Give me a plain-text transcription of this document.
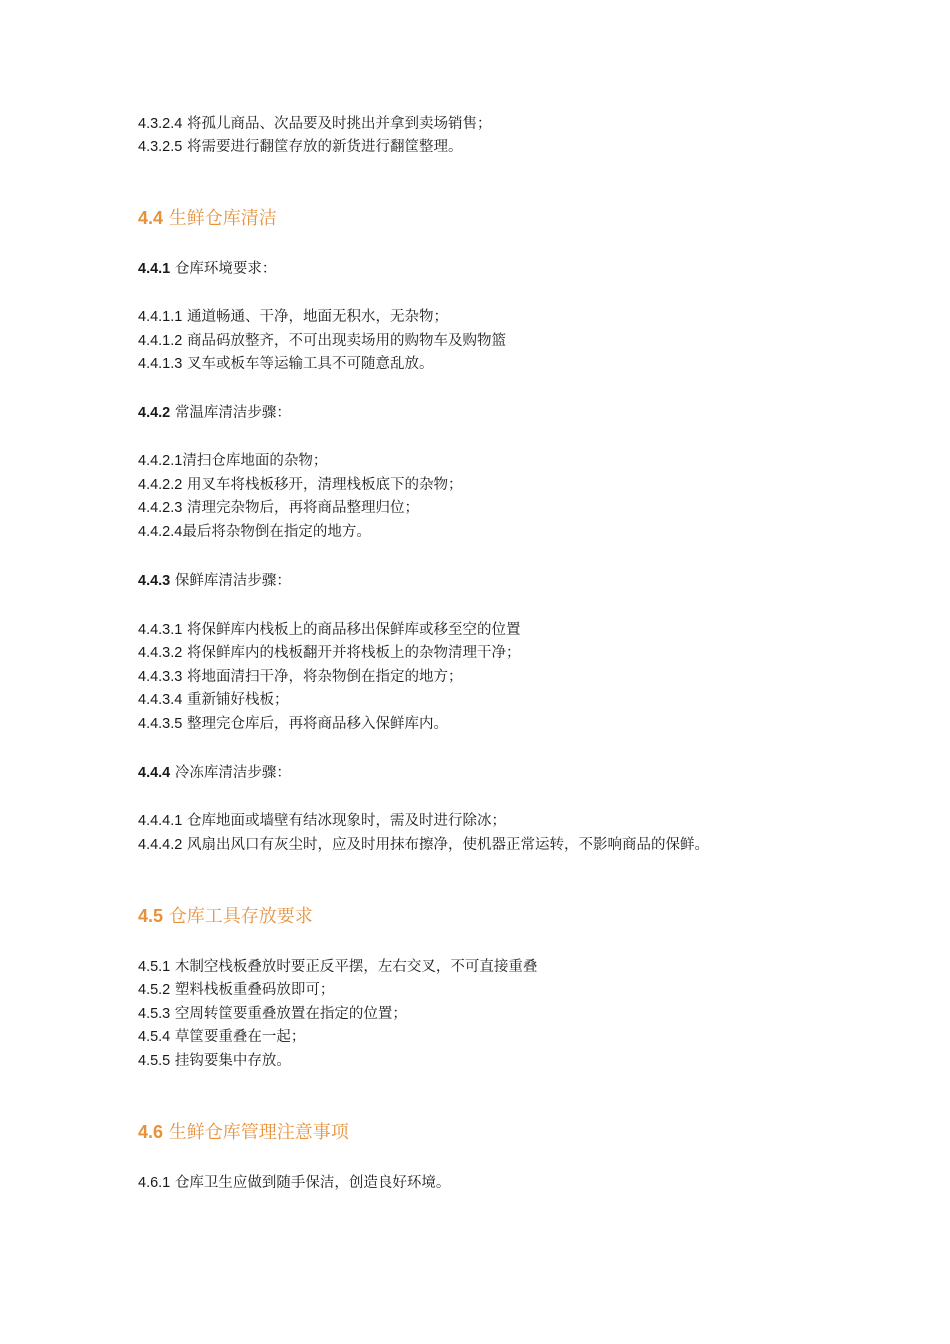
4.3.2.4 将孤儿商品、次品要及时挑出并拿到卖场销售；
4.3.2.5 将需要进行翻筐存放的新货进行翻筐整理。
4.4 生鲜仓库清洁
4.4.1 仓库环境要求：
4.4.1.1 通道畅通、干净，地面无积水，无杂物；
4.4.1.2 商品码放整齐，不可出现卖场用的购物车及购物篮
4.4.1.3 叉车或板车等运输工具不可随意乱放。
4.4.2 常温库清洁步骤：
4.4.2.1清扫仓库地面的杂物；
4.4.2.2 用叉车将栈板移开，清理栈板底下的杂物；
4.4.2.3 清理完杂物后，再将商品整理归位；
4.4.2.4最后将杂物倒在指定的地方。
4.4.3 保鲜库清洁步骤：
4.4.3.1 将保鲜库内栈板上的商品移出保鲜库或移至空的位置
4.4.3.2 将保鲜库内的栈板翻开并将栈板上的杂物清理干净；
4.4.3.3 将地面清扫干净，将杂物倒在指定的地方；
4.4.3.4 重新铺好栈板；
4.4.3.5 整理完仓库后，再将商品移入保鲜库内。
4.4.4 冷冻库清洁步骤：
4.4.4.1 仓库地面或墙壁有结冰现象时，需及时进行除冰；
4.4.4.2 风扇出风口有灰尘时，应及时用抹布擦净，使机器正常运转，不影响商品的保鲜。
4.5 仓库工具存放要求
4.5.1 木制空栈板叠放时要正反平摆，左右交叉，不可直接重叠
4.5.2 塑料栈板重叠码放即可；
4.5.3 空周转筐要重叠放置在指定的位置；
4.5.4 草筐要重叠在一起；
4.5.5 挂钩要集中存放。
4.6 生鲜仓库管理注意事项
4.6.1 仓库卫生应做到随手保洁，创造良好环境。
